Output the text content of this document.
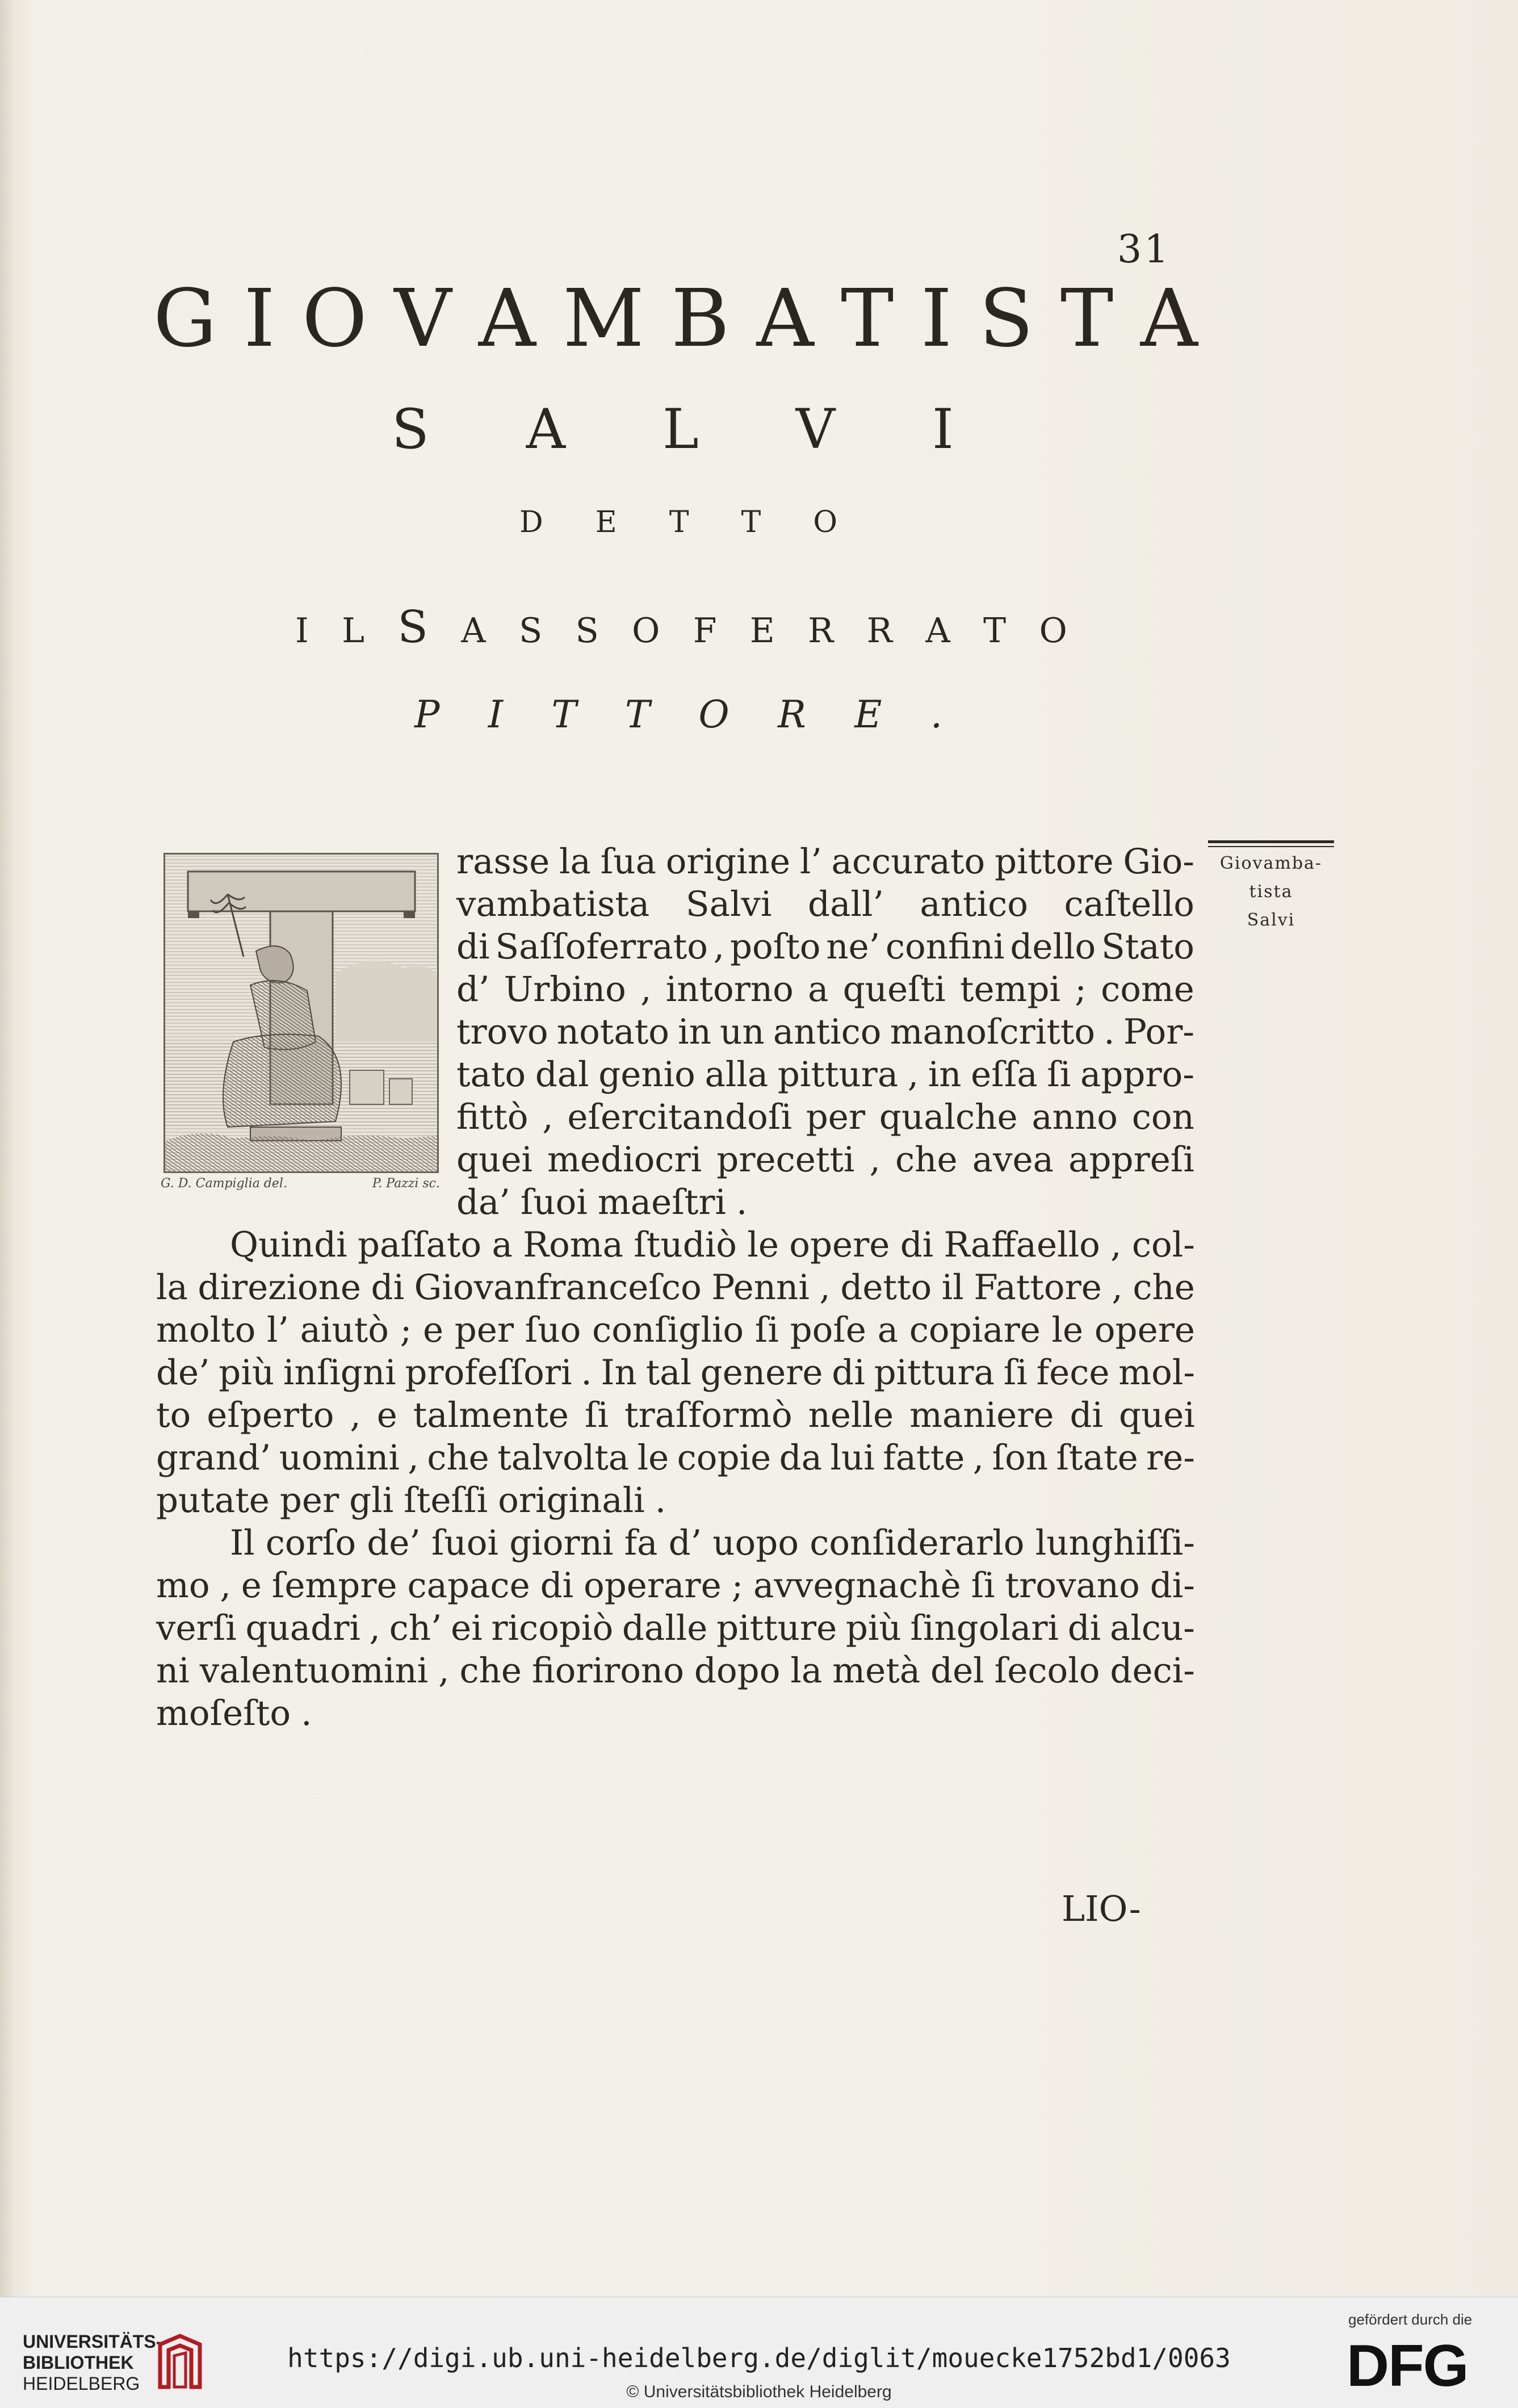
31
G I O V A M B A T I S T A
S A L V I
D E T T O
I L S A S S O F E R R A T O
P I T T O R E .
G. D. Campiglia del.	P. Pazzi sc.
Giovamba-
tista
Salvi
rasse la ſua origine l’ accurato pittore Gio-
vambatista Salvi dall’ antico caſtello
di Saſſoferrato , poſto ne’ confini dello Stato
d’ Urbino , intorno a queſti tempi ; come
trovo notato in un antico manoſcritto . Por-
tato dal genio alla pittura , in eſſa ſi appro-
fittò , eſercitandoſi per qualche anno con
quei mediocri precetti , che avea appreſi
da’ ſuoi maeſtri .
Quindi paſſato a Roma ſtudiò le opere di Raffaello , col-
la direzione di Giovanfranceſco Penni , detto il Fattore , che
molto l’ aiutò ; e per ſuo conſiglio ſi poſe a copiare le opere
de’ più inſigni profeſſori . In tal genere di pittura ſi fece mol-
to eſperto , e talmente ſi traſformò nelle maniere di quei
grand’ uomini , che talvolta le copie da lui fatte , ſon ſtate re-
putate per gli ſteſſi originali .
Il corſo de’ ſuoi giorni fa d’ uopo conſiderarlo lunghiſſi-
mo , e ſempre capace di operare ; avvegnachè ſi trovano di-
verſi quadri , ch’ ei ricopiò dalle pitture più ſingolari di alcu-
ni valentuomini , che fiorirono dopo la metà del ſecolo deci-
moſeſto .
LIO-
UNIVERSITÄTS-
BIBLIOTHEK
HEIDELBERG
https://digi.ub.uni-heidelberg.de/diglit/mouecke1752bd1/0063
© Universitätsbibliothek Heidelberg
gefördert durch die
DFG
